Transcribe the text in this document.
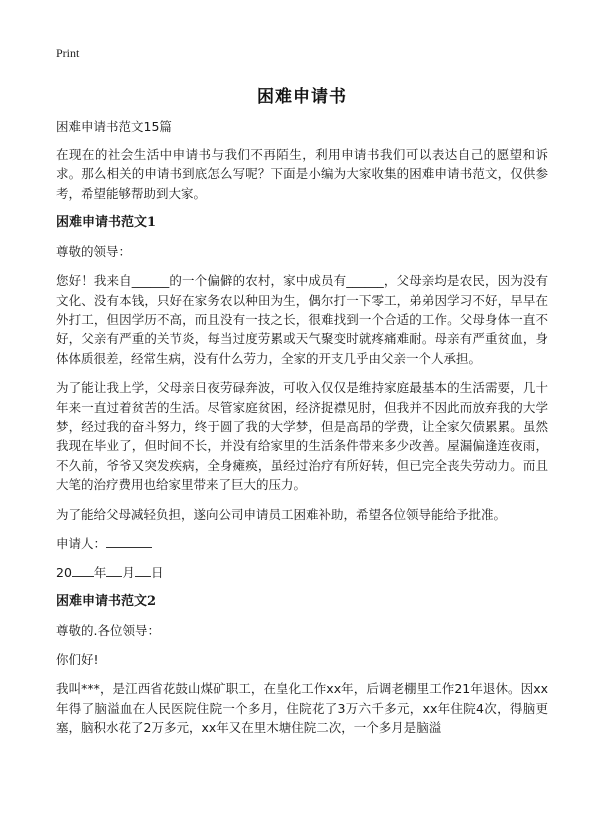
Print
困难申请书

困难申请书范文15篇

在现在的社会生活中申请书与我们不再陌生，利用申请书我们可以表达自己的愿望和诉求。那么相关的申请书到底怎么写呢？下面是小编为大家收集的困难申请书范文，仅供参考，希望能够帮助到大家。

困难申请书范文1

尊敬的领导：

您好！我来自______的一个偏僻的农村，家中成员有______，父母亲均是农民，因为没有文化、没有本钱，只好在家务农以种田为生，偶尔打一下零工，弟弟因学习不好，早早在外打工，但因学历不高，而且没有一技之长，很难找到一个合适的工作。父母身体一直不好，父亲有严重的关节炎，每当过度劳累或天气聚变时就疼痛难耐。母亲有严重贫血，身体体质很差，经常生病，没有什么劳力，全家的开支几乎由父亲一个人承担。

为了能让我上学，父母亲日夜劳碌奔波，可收入仅仅是维持家庭最基本的生活需要，几十年来一直过着贫苦的生活。尽管家庭贫困，经济捉襟见肘，但我并不因此而放弃我的大学梦，经过我的奋斗努力，终于圆了我的大学梦，但是高昂的学费，让全家欠债累累。虽然我现在毕业了，但时间不长，并没有给家里的生活条件带来多少改善。屋漏偏逢连夜雨，不久前，爷爷又突发疾病，全身瘫痪，虽经过治疗有所好转，但已完全丧失劳动力。而且大笔的治疗费用也给家里带来了巨大的压力。

为了能给父母减轻负担，遂向公司申请员工困难补助，希望各位领导能给予批准。

申请人：

20 年 月 日

困难申请书范文2

尊敬的.各位领导：

你们好!

我叫***，是江西省花鼓山煤矿职工，在皇化工作xx年，后调老棚里工作21年退休。因xx年得了脑溢血在人民医院住院一个多月，住院花了3万六千多元，xx年住院4次，得脑更塞，脑积水花了2万多元，xx年又在里木塘住院二次，一个多月是脑溢
